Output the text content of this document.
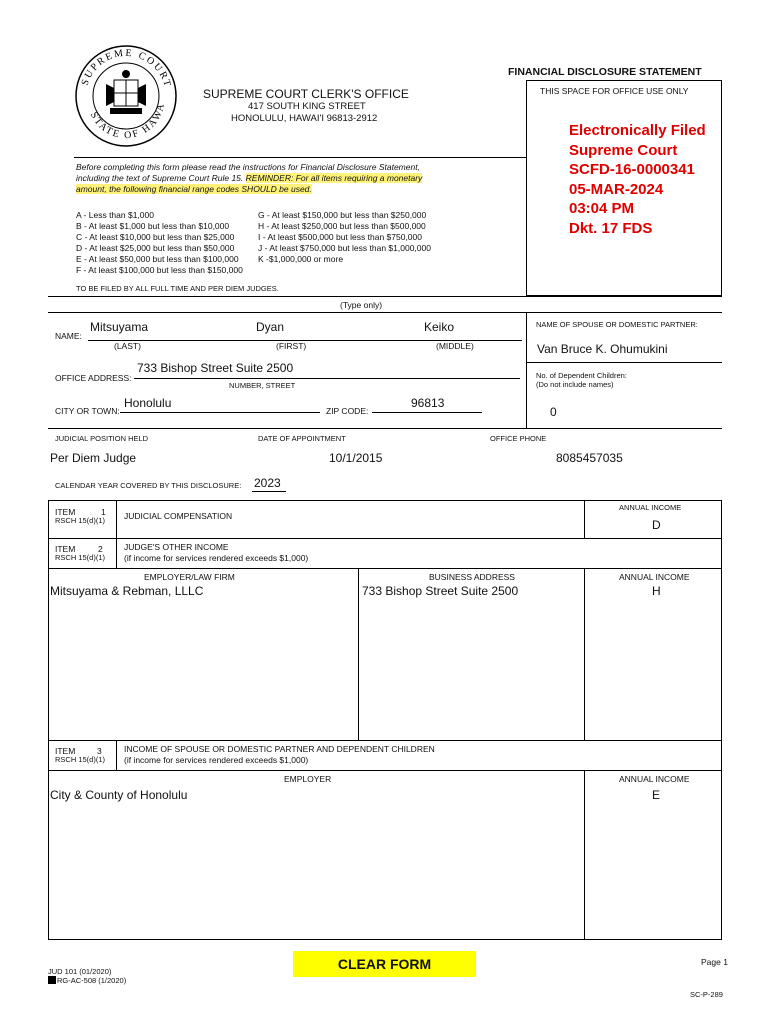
FINANCIAL DISCLOSURE STATEMENT
SUPREME COURT
STATE OF HAWA
SUPREME COURT CLERK'S OFFICE
417 SOUTH KING STREET
HONOLULU, HAWAI'I 96813-2912
THIS SPACE FOR OFFICE USE ONLY
Electronically Filed
Supreme Court
SCFD-16-0000341
05-MAR-2024
03:04 PM
Dkt. 17 FDS
Before completing this form please read the instructions for Financial Disclosure Statement,
including the text of Supreme Court Rule 15. REMINDER: For all items requiring a monetary
amount, the following financial range codes SHOULD be used.
A - Less than $1,000
B - At least $1,000 but less than $10,000
C - At least $10,000 but less than $25,000
D - At least $25,000 but less than $50,000
E - At least $50,000 but less than $100,000
F - At least $100,000 but less than $150,000
G - At least $150,000 but less than $250,000
H - At least $250,000 but less than $500,000
I - At least $500,000 but less than $750,000
J - At least $750,000 but less than $1,000,000
K -$1,000,000 or more
TO BE FILED BY ALL FULL TIME AND PER DIEM JUDGES.
(Type only)
NAME OF SPOUSE OR DOMESTIC PARTNER:
Van Bruce K. Ohumukini
No. of Dependent Children:
(Do not include names)
0
NAME:
Mitsuyama	Dyan	Keiko
(LAST)	(FIRST)	(MIDDLE)
OFFICE ADDRESS:
733 Bishop Street Suite 2500
NUMBER, STREET
CITY OR TOWN:
Honolulu
ZIP CODE:
96813
JUDICIAL POSITION HELD	DATE OF APPOINTMENT	OFFICE PHONE
Per Diem Judge	10/1/2015	8085457035
CALENDAR YEAR COVERED BY THIS DISCLOSURE: 2023
ITEM	1
RSCH 15(d)(1) JUDICIAL COMPENSATION
ANNUAL INCOME
D
ITEM	2
RSCH 15(d)(1)
JUDGE'S OTHER INCOME
(if income for services rendered exceeds $1,000)
EMPLOYER/LAW FIRM	BUSINESS ADDRESS	ANNUAL INCOME
Mitsuyama & Rebman, LLLC	733 Bishop Street Suite 2500	H
ITEM	3
RSCH 15(d)(1)
INCOME OF SPOUSE OR DOMESTIC PARTNER AND DEPENDENT CHILDREN
(if income for services rendered exceeds $1,000)
EMPLOYER	ANNUAL INCOME
City & County of Honolulu	E
JUD 101 (01/2020)
RG-AC-508 (1/2020)
CLEAR FORM	Page 1
SC-P-289
